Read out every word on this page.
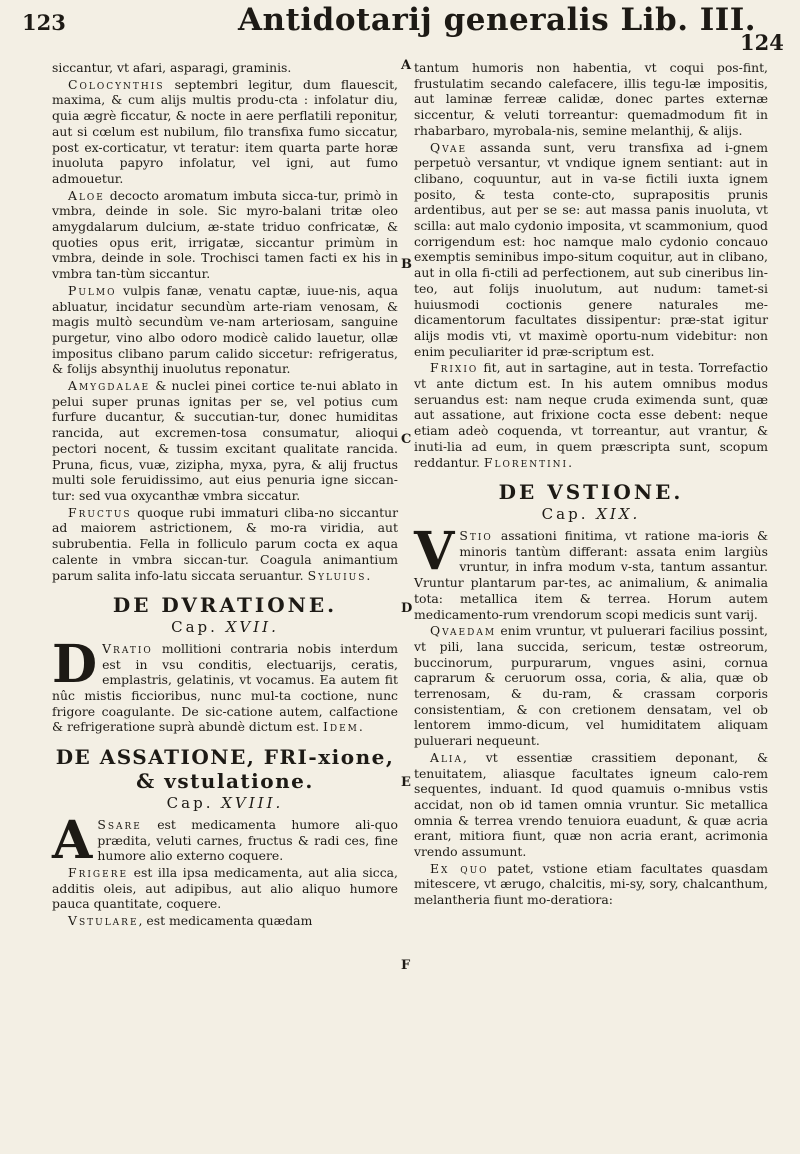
123	Antidotarij generalis Lib. III.
124

siccantur, vt afari, asparagi, graminis.

Colocynthis septembri legitur, dum flauescit, maxima, & cum alijs multis produ-cta : infolatur diu, quia ægrè ficcatur, & nocte in aere perflatili reponitur, aut si cœlum est nubilum, filo transfixa fumo siccatur, post ex-corticatur, vt teratur: item quarta parte horæ inuoluta papyro infolatur, vel igni, aut fumo admouetur.

Aloe decocto aromatum imbuta sicca-tur, primò in vmbra, deinde in sole. Sic myro-balani tritæ oleo amygdalarum dulcium, æ-state triduo confricatæ, & quoties opus erit, irrigatæ, siccantur primùm in vmbra, deinde in sole. Trochisci tamen facti ex his in vmbra tan-tùm siccantur.

Pulmo vulpis fanæ, venatu captæ, iuue-nis, aqua abluatur, incidatur secundùm arte-riam venosam, & magis multò secundùm ve-nam arteriosam, sanguine purgetur, vino albo odoro modicè calido lauetur, ollæ impositus clibano parum calido siccetur: refrigeratus, & folijs absynthij inuolutus reponatur.

Amygdalae & nuclei pinei cortice te-nui ablato in pelui super prunas ignitas per se, vel potius cum furfure ducantur, & succutian-tur, donec humiditas rancida, aut excremen-tosa consumatur, alioqui pectori nocent, & tussim excitant qualitate rancida. Pruna, ficus, vuæ, zizipha, myxa, pyra, & alij fructus multi sole feruidissimo, aut eius penuria igne siccan-tur: sed vua oxycanthæ vmbra siccatur.

Fructus quoque rubi immaturi cliba-no siccantur ad maiorem astrictionem, & mo-ra viridia, aut subrubentia. Fella in folliculo parum cocta ex aqua calente in vmbra siccan-tur. Coagula animantium parum salita info-latu siccata seruantur. Syluius.

DE DVRATIONE.
Cap. XVII.

D Vratio mollitioni contraria nobis interdum est in vsu conditis, electuarijs, ceratis, emplastris, gelatinis, vt vocamus. Ea autem fit nûc mistis ficcioribus, nunc mul-ta coctione, nunc frigore coagulante. De sic-catione autem, calfactione & refrigeratione suprà abundè dictum est. Idem.

DE ASSATIONE, FRI-xione, & vstulatione.
Cap. XVIII.

A Ssare est medicamenta humore ali-quo prædita, veluti carnes, fructus & radi ces, fine humore alio externo coquere.

Frigere est illa ipsa medicamenta, aut alia sicca, additis oleis, aut adipibus, aut alio aliquo humore pauca quantitate, coquere.

Vstulare, est medicamenta quædam

A
B
C
D
E
F

tantum humoris non habentia, vt coqui pos-fint, frustulatim secando calefacere, illis tegu-læ impositis, aut laminæ ferreæ calidæ, donec partes externæ siccentur, & veluti torreantur: quemadmodum fit in rhabarbaro, myrobala-nis, semine melanthij, & alijs.

Qvae assanda sunt, veru transfixa ad i-gnem perpetuò versantur, vt vndique ignem sentiant: aut in clibano, coquuntur, aut in va-se fictili iuxta ignem posito, & testa conte-cto, suprapositis prunis ardentibus, aut per se se: aut massa panis inuoluta, vt scilla: aut malo cydonio imposita, vt scammonium, quod corrigendum est: hoc namque malo cydonio concauo exemptis seminibus impo-situm coquitur, aut in clibano, aut in olla fi-ctili ad perfectionem, aut sub cineribus lin-teo, aut folijs inuolutum, aut nudum: tamet-si huiusmodi coctionis genere naturales me-dicamentorum facultates dissipentur: præ-stat igitur alijs modis vti, vt maximè oportu-num videbitur: non enim peculiariter id præ-scriptum est.

Frixio fit, aut in sartagine, aut in testa. Torrefactio vt ante dictum est. In his autem omnibus modus seruandus est: nam neque cruda eximenda sunt, quæ aut assatione, aut frixione cocta esse debent: neque etiam adeò coquenda, vt torreantur, aut vrantur, & inuti-lia ad eum, in quem præscripta sunt, scopum reddantur. Florentini.

DE VSTIONE.
Cap. XIX.

V Stio assationi finitima, vt ratione ma-ioris & minoris tantùm differant: assata enim largiùs vruntur, in infra modum v-sta, tantum assantur. Vruntur plantarum par-tes, ac animalium, & animalia tota: metallica item & terrea. Horum autem medicamento-rum vrendorum scopi medicis sunt varij.

Qvaedam enim vruntur, vt puluerari facilius possint, vt pili, lana succida, sericum, testæ ostreorum, buccinorum, purpurarum, vngues asini, cornua caprarum & ceruorum ossa, coria, & alia, quæ ob terrenosam, & du-ram, & crassam corporis consistentiam, & con cretionem densatam, vel ob lentorem immo-dicum, vel humiditatem aliquam puluerari nequeunt.

Alia, vt essentiæ crassitiem deponant, & tenuitatem, aliasque facultates igneum calo-rem sequentes, induant. Id quod quamuis o-mnibus vstis accidat, non ob id tamen omnia vruntur. Sic metallica omnia & terrea vrendo tenuiora euadunt, & quæ acria erant, mitiora fiunt, quæ non acria erant, acrimonia vrendo assumunt.

Ex quo patet, vstione etiam facultates quasdam mitescere, vt ærugo, chalcitis, mi-sy, sory, chalcanthum, melantheria fiunt mo-deratiora:
